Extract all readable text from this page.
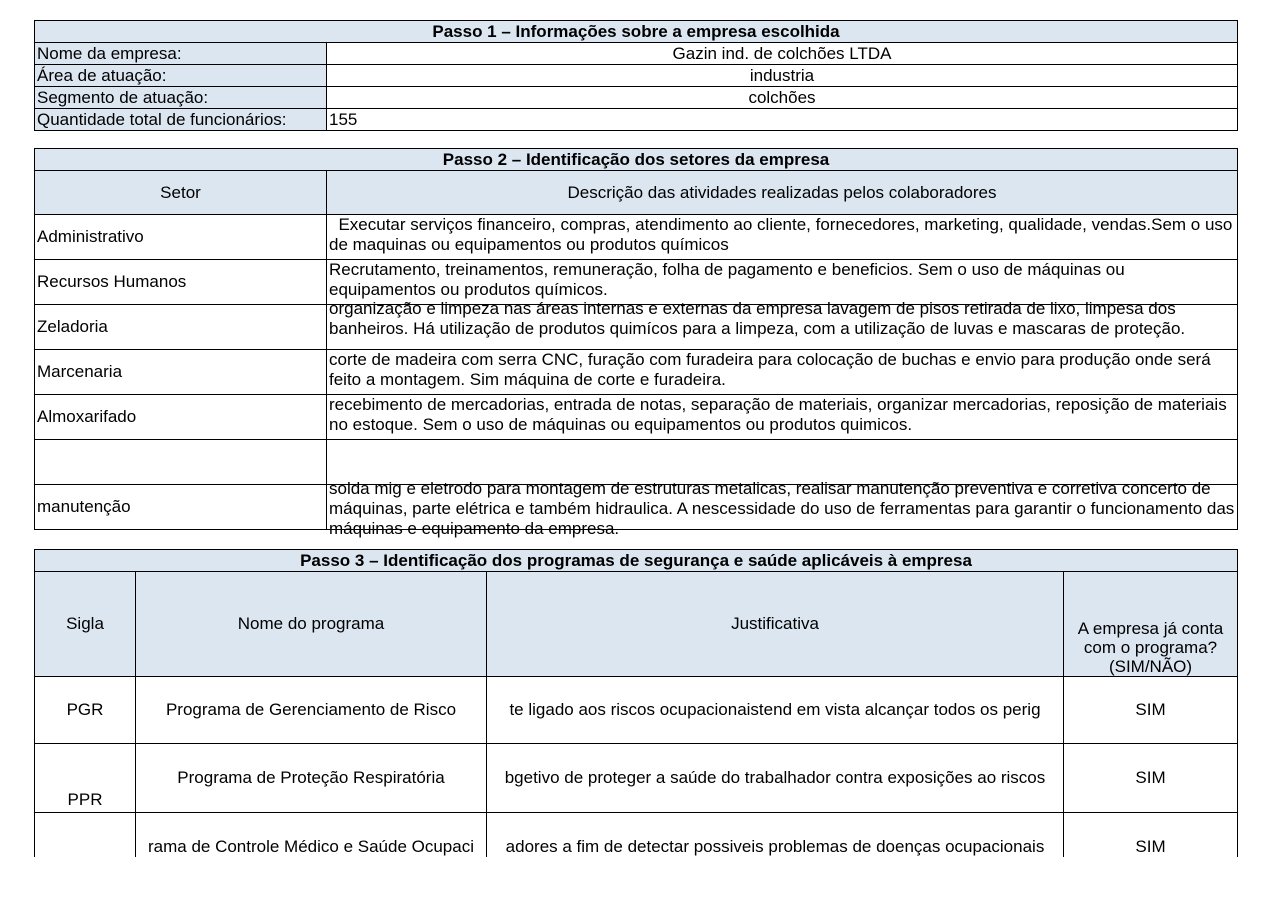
Passo 1 – Informações sobre a empresa escolhida	
Nome da empresa:	Gazin ind. de colchões LTDA
Área de atuação:	industria
Segmento de atuação:	colchões
Quantidade total de funcionários:	155
Passo 2 – Identificação dos setores da empresa	
Setor	Descrição das atividades realizadas pelos colaboradores
Administrativo	Executar serviços financeiro, compras, atendimento ao cliente, fornecedores, marketing, qualidade, vendas.Sem o uso de maquinas ou equipamentos ou produtos químicos

Recursos Humanos	Recrutamento, treinamentos, remuneração, folha de pagamento e beneficios. Sem o uso de máquinas ou equipamentos ou produtos químicos.

Zeladoria	organização e limpeza nas áreas internas e externas da empresa lavagem de pisos retirada de lixo, limpesa dos banheiros. Há utilização de produtos quimícos para a limpeza, com a utilização de luvas e mascaras de proteção.

Marcenaria	corte de madeira com serra CNC, furação com furadeira para colocação de buchas e envio para produção onde será feito a montagem. Sim máquina de corte e furadeira.

Almoxarifado	recebimento de mercadorias, entrada de notas, separação de materiais, organizar mercadorias, reposição de materiais no estoque. Sem o uso de máquinas ou equipamentos ou produtos quimicos.

manutenção	solda mig e eletrodo para montagem de estruturas metalicas, realisar manutenção preventiva e corretiva concerto de máquinas, parte elétrica e também hidraulica. A nescessidade do uso de ferramentas para garantir o funcionamento das máquinas e equipamento da empresa.
Passo 3 – Identificação dos programas de segurança e saúde aplicáveis à empresa			
Sigla	Nome do programa	Justificativa	A empresa já conta com o programa? (SIM/NÃO)
PGR	Programa de Gerenciamento de Risco	te ligado aos riscos ocupacionaistend em vista alcançar todos os perig	SIM
PPR	Programa de Proteção Respiratória	bgetivo de proteger a saúde do trabalhador contra exposições ao riscos	SIM
	rama de Controle Médico e Saúde Ocupaci	adores a fim de detectar possiveis problemas de doenças ocupacionais	SIM
